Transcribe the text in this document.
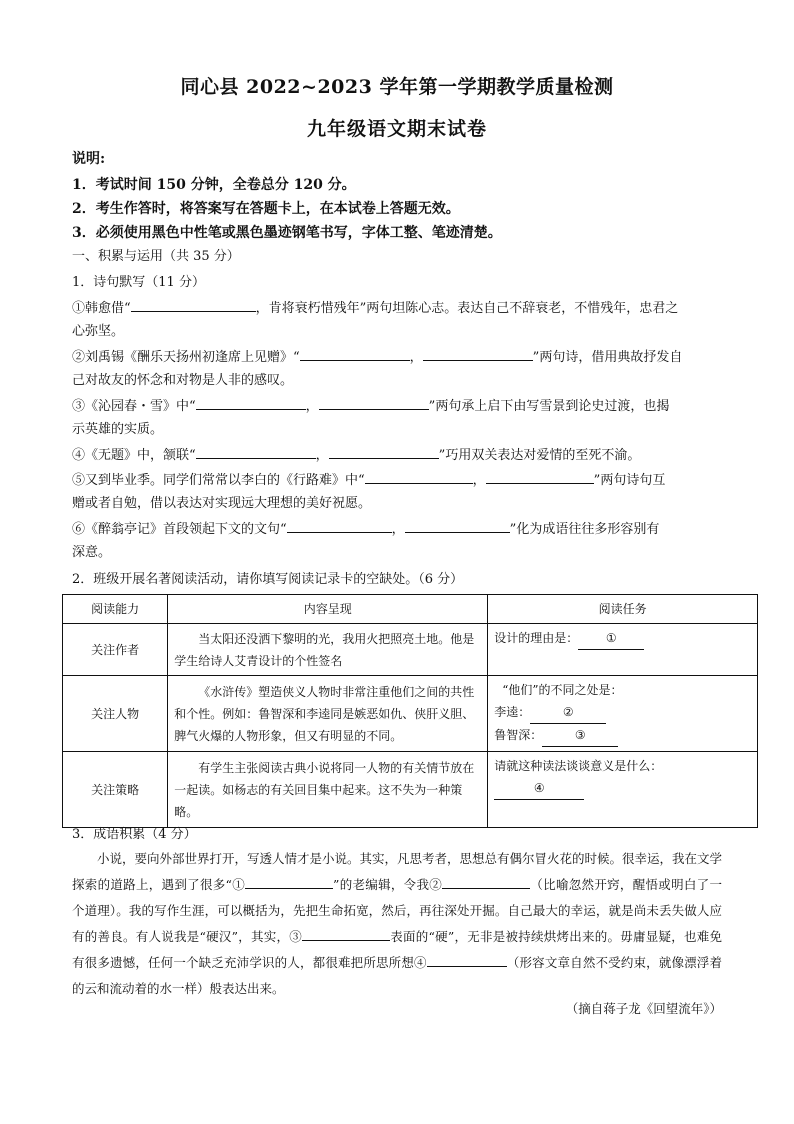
同心县 2022~2023 学年第一学期教学质量检测
九年级语文期末试卷
说明:
1．考试时间 150 分钟，全卷总分 120 分。
2．考生作答时，将答案写在答题卡上，在本试卷上答题无效。
3．必须使用黑色中性笔或黑色墨迹钢笔书写，字体工整、笔迹清楚。
一、积累与运用（共 35 分）
1．诗句默写（11 分）
①韩愈借“	，肯将衰朽惜残年”两句坦陈心志。表达自己不辞衰老，不惜残年，忠君之
心弥坚。
②刘禹锡《酬乐天扬州初逢席上见赠》“	，	”两句诗，借用典故抒发自
己对故友的怀念和对物是人非的感叹。
③《沁园春・雪》中“	，	”两句承上启下由写雪景到论史过渡，也揭
示英雄的实质。
④《无题》中，颔联“	，	”巧用双关表达对爱情的至死不渝。
⑤又到毕业季。同学们常常以李白的《行路难》中“	，	”两句诗句互
赠或者自勉，借以表达对实现远大理想的美好祝愿。
⑥《醉翁亭记》首段领起下文的文句“	，	”化为成语往往多形容别有
深意。
2．班级开展名著阅读活动，请你填写阅读记录卡的空缺处。（6 分）
阅读能力	内容呈现	阅读任务
关注作者	当太阳还没洒下黎明的光，我用火把照亮土地。他是学生给诗人艾青设计的个性签名	设计的理由是： ①
关注人物	《水浒传》塑造侠义人物时非常注重他们之间的共性和个性。例如：鲁智深和李逵同是嫉恶如仇、侠肝义胆、脾气火爆的人物形象，但又有明显的不同。	“他们”的不同之处是：
李逵： ②
鲁智深： ③

关注策略	有学生主张阅读古典小说将同一人物的有关情节放在一起读。如杨志的有关回目集中起来。这不失为一种策略。	请就这种读法谈谈意义是什么：
④
3．成语积累（4 分）
小说，要向外部世界打开，写透人情才是小说。其实，凡思考者，思想总有偶尔冒火花的时候。很幸运，我在文学探索的道路上，遇到了很多“①	”的老编辑，令我②	（比喻忽然开窍，醒悟或明白了一个道理）。我的写作生涯，可以概括为，先把生命拓宽，然后，再往深处开掘。自己最大的幸运，就是尚未丢失做人应有的善良。有人说我是“硬汉”，其实，③	表面的“硬”，无非是被持续烘烤出来的。毋庸显疑，也难免有很多遗憾，任何一个缺乏充沛学识的人，都很难把所思所想④	（形容文章自然不受约束，就像漂浮着的云和流动着的水一样）般表达出来。
（摘自蒋子龙《回望流年》）
